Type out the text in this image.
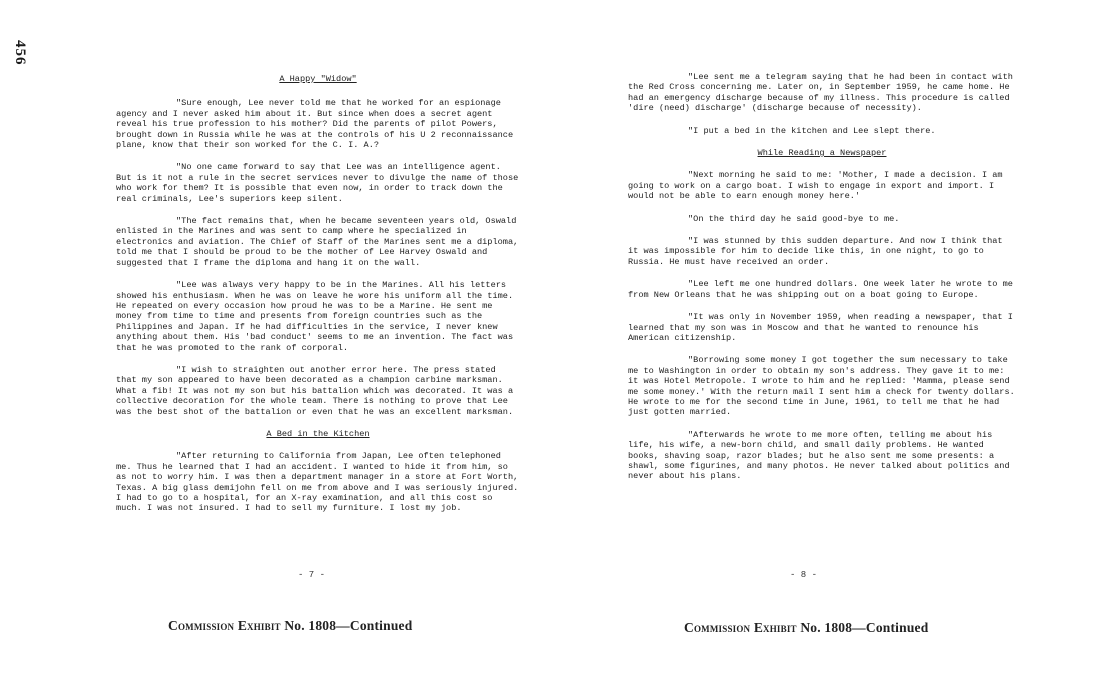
456
A Happy "Widow"

"Sure enough, Lee never told me that he worked for an espionage agency and I never asked him about it. But since when does a secret agent reveal his true profession to his mother? Did the parents of pilot Powers, brought down in Russia while he was at the controls of his U 2 reconnaissance plane, know that their son worked for the C. I. A.?

"No one came forward to say that Lee was an intelligence agent. But is it not a rule in the secret services never to divulge the name of those who work for them? It is possible that even now, in order to track down the real criminals, Lee's superiors keep silent.

"The fact remains that, when he became seventeen years old, Oswald enlisted in the Marines and was sent to camp where he specialized in electronics and aviation. The Chief of Staff of the Marines sent me a diploma, told me that I should be proud to be the mother of Lee Harvey Oswald and suggested that I frame the diploma and hang it on the wall.

"Lee was always very happy to be in the Marines. All his letters showed his enthusiasm. When he was on leave he wore his uniform all the time. He repeated on every occasion how proud he was to be a Marine. He sent me money from time to time and presents from foreign countries such as the Philippines and Japan. If he had difficulties in the service, I never knew anything about them. His 'bad conduct' seems to me an invention. The fact was that he was promoted to the rank of corporal.

"I wish to straighten out another error here. The press stated that my son appeared to have been decorated as a champion carbine marksman. What a fib! It was not my son but his battalion which was decorated. It was a collective decoration for the whole team. There is nothing to prove that Lee was the best shot of the battalion or even that he was an excellent marksman.

A Bed in the Kitchen

"After returning to California from Japan, Lee often telephoned me. Thus he learned that I had an accident. I wanted to hide it from him, so as not to worry him. I was then a department manager in a store at Fort Worth, Texas. A big glass demijohn fell on me from above and I was seriously injured. I had to go to a hospital, for an X-ray examination, and all this cost so much. I was not insured. I had to sell my furniture. I lost my job.

- 7 -
Commission Exhibit No. 1808—Continued

"Lee sent me a telegram saying that he had been in contact with the Red Cross concerning me. Later on, in September 1959, he came home. He had an emergency discharge because of my illness. This procedure is called 'dire (need) discharge' (discharge because of necessity).

"I put a bed in the kitchen and Lee slept there.

While Reading a Newspaper

"Next morning he said to me: 'Mother, I made a decision. I am going to work on a cargo boat. I wish to engage in export and import. I would not be able to earn enough money here.'

"On the third day he said good-bye to me.

"I was stunned by this sudden departure. And now I think that it was impossible for him to decide like this, in one night, to go to Russia. He must have received an order.

"Lee left me one hundred dollars. One week later he wrote to me from New Orleans that he was shipping out on a boat going to Europe.

"It was only in November 1959, when reading a newspaper, that I learned that my son was in Moscow and that he wanted to renounce his American citizenship.

"Borrowing some money I got together the sum necessary to take me to Washington in order to obtain my son's address. They gave it to me: it was Hotel Metropole. I wrote to him and he replied: 'Mamma, please send me some money.' With the return mail I sent him a check for twenty dollars. He wrote to me for the second time in June, 1961, to tell me that he had just gotten married.

"Afterwards he wrote to me more often, telling me about his life, his wife, a new-born child, and small daily problems. He wanted books, shaving soap, razor blades; but he also sent me some presents: a shawl, some figurines, and many photos. He never talked about politics and never about his plans.

- 8 -
Commission Exhibit No. 1808—Continued
